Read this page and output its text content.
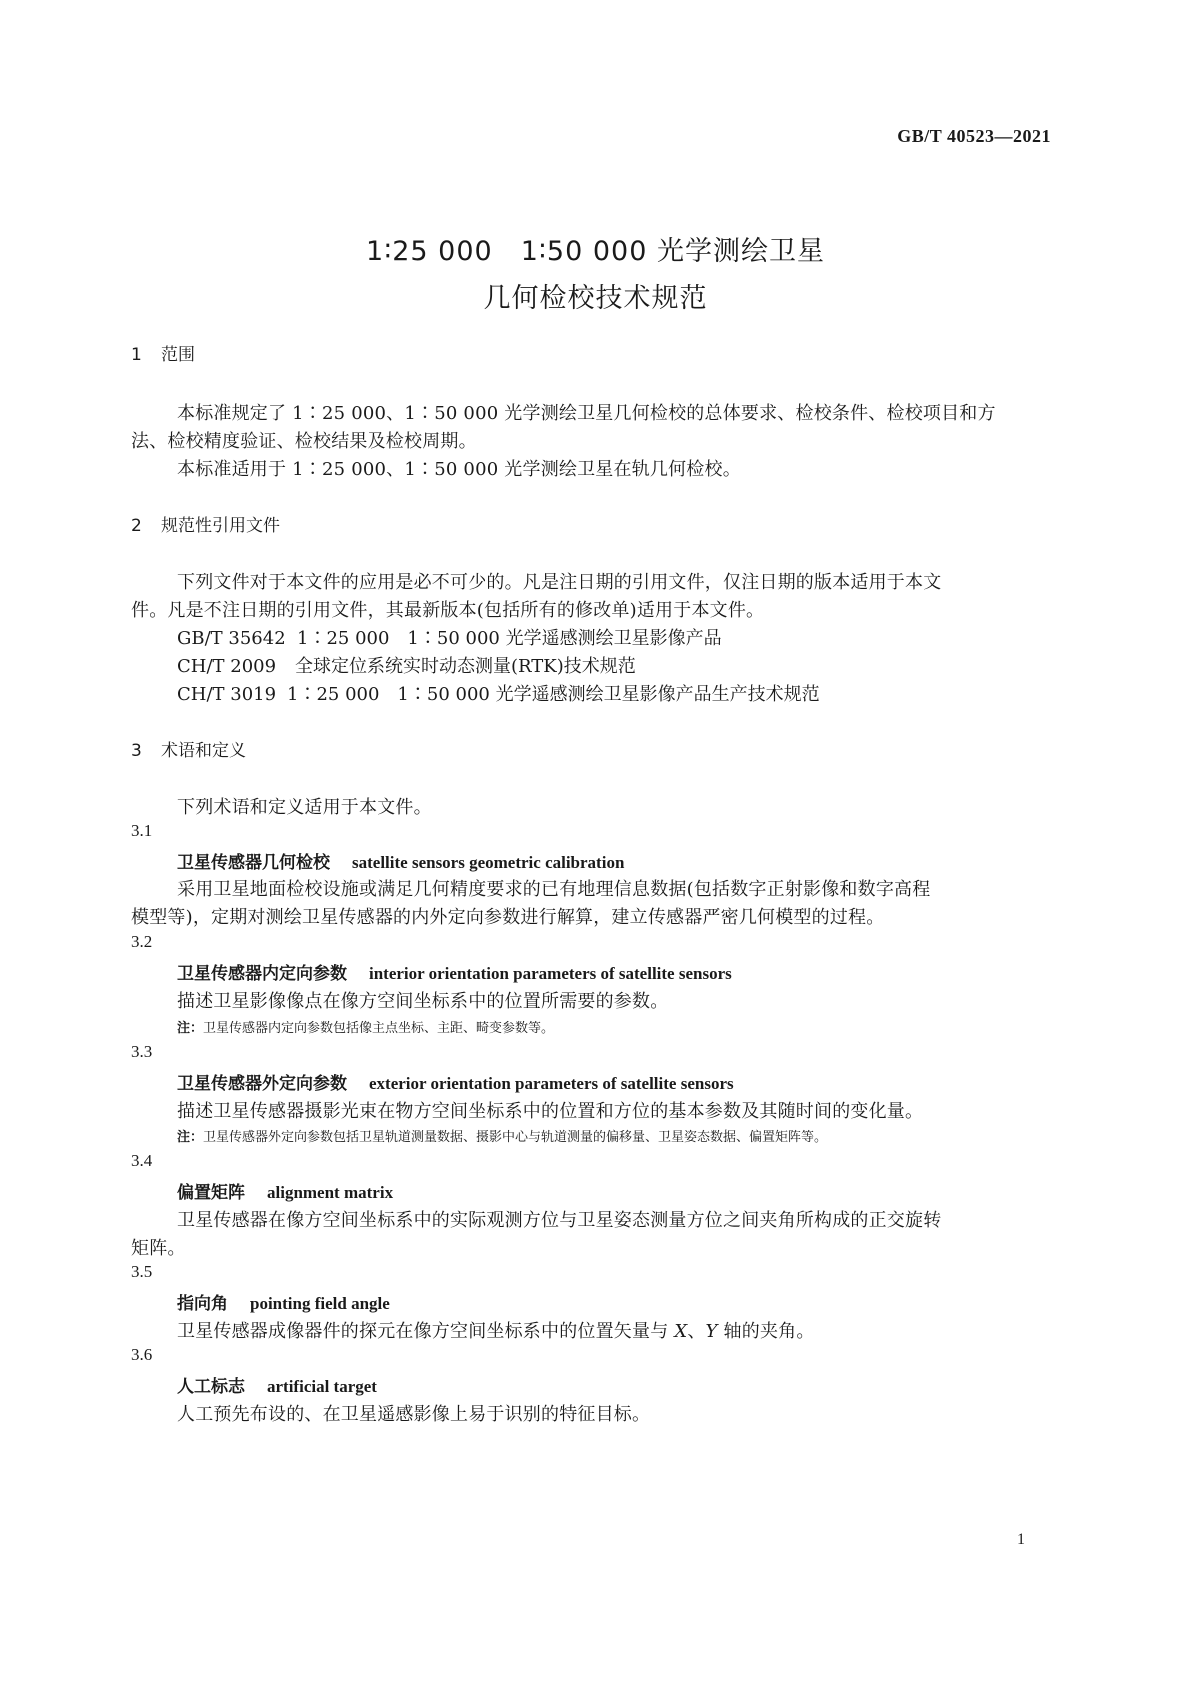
GB/T 40523—2021
1∶25 000　1∶50 000 光学测绘卫星
几何检校技术规范
1 范围
本标准规定了 1∶25 000、1∶50 000 光学测绘卫星几何检校的总体要求、检校条件、检校项目和方
法、检校精度验证、检校结果及检校周期。
本标准适用于 1∶25 000、1∶50 000 光学测绘卫星在轨几何检校。
2 规范性引用文件
下列文件对于本文件的应用是必不可少的。凡是注日期的引用文件，仅注日期的版本适用于本文
件。凡是不注日期的引用文件，其最新版本(包括所有的修改单)适用于本文件。
GB/T 35642 1∶25 000　1∶50 000 光学遥感测绘卫星影像产品
CH/T 2009 全球定位系统实时动态测量(RTK)技术规范
CH/T 3019 1∶25 000　1∶50 000 光学遥感测绘卫星影像产品生产技术规范
3 术语和定义
下列术语和定义适用于本文件。
3.1
卫星传感器几何检校 satellite sensors geometric calibration
采用卫星地面检校设施或满足几何精度要求的已有地理信息数据(包括数字正射影像和数字高程
模型等)，定期对测绘卫星传感器的内外定向参数进行解算，建立传感器严密几何模型的过程。
3.2
卫星传感器内定向参数 interior orientation parameters of satellite sensors
描述卫星影像像点在像方空间坐标系中的位置所需要的参数。
注：卫星传感器内定向参数包括像主点坐标、主距、畸变参数等。
3.3
卫星传感器外定向参数 exterior orientation parameters of satellite sensors
描述卫星传感器摄影光束在物方空间坐标系中的位置和方位的基本参数及其随时间的变化量。
注：卫星传感器外定向参数包括卫星轨道测量数据、摄影中心与轨道测量的偏移量、卫星姿态数据、偏置矩阵等。
3.4
偏置矩阵 alignment matrix
卫星传感器在像方空间坐标系中的实际观测方位与卫星姿态测量方位之间夹角所构成的正交旋转
矩阵。
3.5
指向角 pointing field angle
卫星传感器成像器件的探元在像方空间坐标系中的位置矢量与 X、Y 轴的夹角。
3.6
人工标志 artificial target
人工预先布设的、在卫星遥感影像上易于识别的特征目标。
1
